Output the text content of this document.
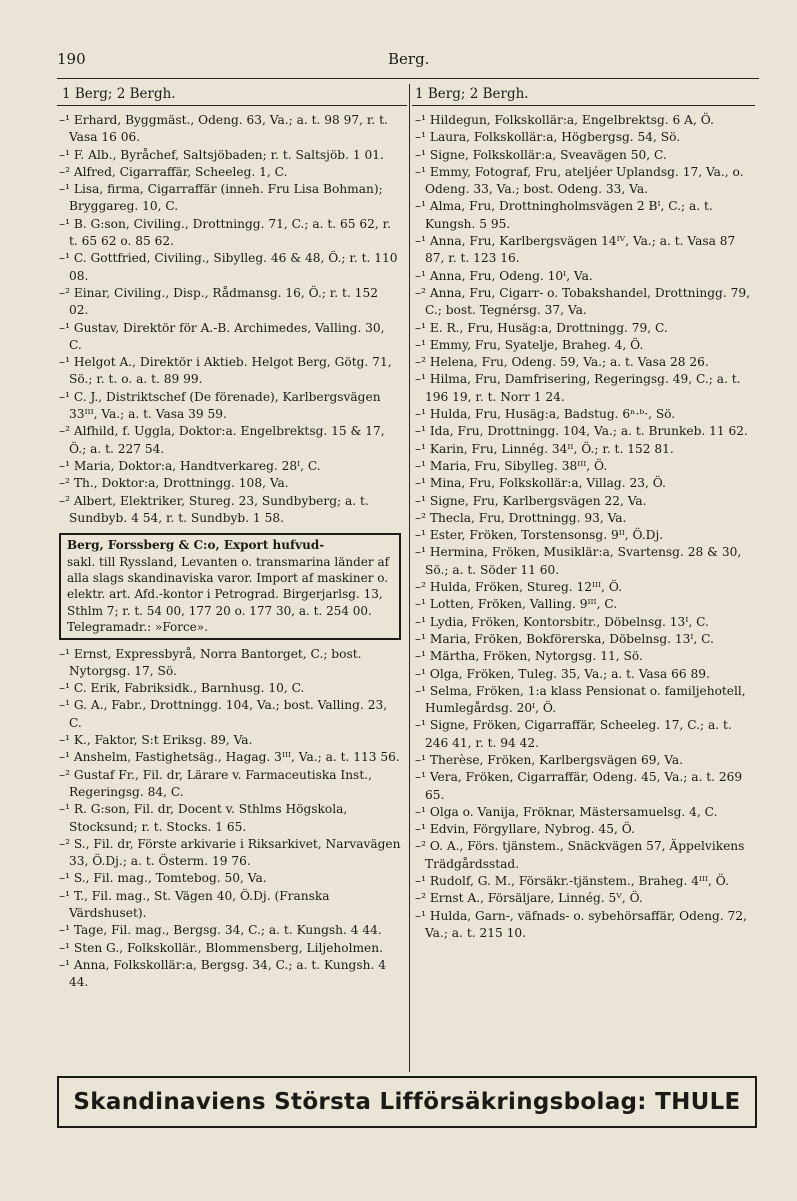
190	Berg.
1 Berg; 2 Bergh.	1 Berg; 2 Bergh.
–¹ Erhard, Byggmäst., Odeng. 63, Va.; a. t. 98 97, r. t. Vasa 16 06.
–¹ F. Alb., Byråchef, Saltsjöbaden; r. t. Saltsjöb. 1 01.
–² Alfred, Cigarraffär, Scheeleg. 1, C.
–¹ Lisa, firma, Cigarraffär (inneh. Fru Lisa Bohman); Bryggareg. 10, C.
–¹ B. G:son, Civiling., Drottningg. 71, C.; a. t. 65 62, r. t. 65 62 o. 85 62.
–¹ C. Gottfried, Civiling., Sibylleg. 46 & 48, Ö.; r. t. 110 08.
–² Einar, Civiling., Disp., Rådmansg. 16, Ö.; r. t. 152 02.
–¹ Gustav, Direktör för A.-B. Archimedes, Valling. 30, C.
–¹ Helgot A., Direktör i Aktieb. Helgot Berg, Götg. 71, Sö.; r. t. o. a. t. 89 99.
–¹ C. J., Distriktschef (De förenade), Karlbergsvägen 33ᴵᴵᴵ, Va.; a. t. Vasa 39 59.
–² Alfhild, f. Uggla, Doktor:a. Engelbrektsg. 15 & 17, Ö.; a. t. 227 54.
–¹ Maria, Doktor:a, Handtverkareg. 28ᴵ, C.
–² Th., Doktor:a, Drottningg. 108, Va.
–² Albert, Elektriker, Stureg. 23, Sundbyberg; a. t. Sundbyb. 4 54, r. t. Sundbyb. 1 58.
Berg, Forssberg & C:o, Export hufvud-
sakl. till Ryssland, Levanten o. transmarina länder af alla slags skandinaviska varor. Import af maskiner o. elektr. art. Afd.-kontor i Petrograd. Birgerjarlsg. 13, Sthlm 7; r. t. 54 00, 177 20 o. 177 30, a. t. 254 00. Telegramadr.: »Forcе».
–¹ Ernst, Expressbyrå, Norra Bantorget, C.; bost. Nytorgsg. 17, Sö.
–¹ C. Erik, Fabriksidk., Barnhusg. 10, C.
–¹ G. A., Fabr., Drottningg. 104, Va.; bost. Valling. 23, C.
–¹ K., Faktor, S:t Eriksg. 89, Va.
–¹ Anshelm, Fastighetsäg., Hagag. 3ᴵᴵᴵ, Va.; a. t. 113 56.
–² Gustaf Fr., Fil. dr, Lärare v. Farmaceutiska Inst., Regeringsg. 84, C.
–¹ R. G:son, Fil. dr, Docent v. Sthlms Högskola, Stocksund; r. t. Stocks. 1 65.
–² S., Fil. dr, Förste arkivarie i Riksarkivet, Narvavägen 33, Ö.Dj.; a. t. Österm. 19 76.
–¹ S., Fil. mag., Tomtebog. 50, Va.
–¹ T., Fil. mag., St. Vägen 40, Ö.Dj. (Franska Värdshuset).
–¹ Tage, Fil. mag., Bergsg. 34, C.; a. t. Kungsh. 4 44.
–¹ Sten G., Folkskollär., Blommensberg, Liljeholmen.
–¹ Anna, Folkskollär:a, Bergsg. 34, C.; a. t. Kungsh. 4 44.
–¹ Hildegun, Folkskollär:a, Engelbrektsg. 6 A, Ö.
–¹ Laura, Folkskollär:a, Högbergsg. 54, Sö.
–¹ Signe, Folkskollär:a, Sveavägen 50, C.
–¹ Emmy, Fotograf, Fru, ateljéer Uplandsg. 17, Va., o. Odeng. 33, Va.; bost. Odeng. 33, Va.
–¹ Alma, Fru, Drottningholmsvägen 2 Bᴵ, C.; a. t. Kungsh. 5 95.
–¹ Anna, Fru, Karlbergsvägen 14ᴵⱽ, Va.; a. t. Vasa 87 87, r. t. 123 16.
–¹ Anna, Fru, Odeng. 10ᴵ, Va.
–² Anna, Fru, Cigarr- o. Tobakshandel, Drottningg. 79, C.; bost. Tegnérsg. 37, Va.
–¹ E. R., Fru, Husäg:a, Drottningg. 79, C.
–¹ Emmy, Fru, Syatelje, Braheg. 4, Ö.
–² Helena, Fru, Odeng. 59, Va.; a. t. Vasa 28 26.
–¹ Hilma, Fru, Damfrisering, Regeringsg. 49, C.; a. t. 196 19, r. t. Norr 1 24.
–¹ Hulda, Fru, Husäg:a, Badstug. 6ⁿ·ᵇ·, Sö.
–¹ Ida, Fru, Drottningg. 104, Va.; a. t. Brunkeb. 11 62.
–¹ Karin, Fru, Linnég. 34ᴵᴵ, Ö.; r. t. 152 81.
–¹ Maria, Fru, Sibylleg. 38ᴵᴵᴵ, Ö.
–¹ Mina, Fru, Folkskollär:a, Villag. 23, Ö.
–¹ Signe, Fru, Karlbergsvägen 22, Va.
–² Thecla, Fru, Drottningg. 93, Va.
–¹ Ester, Fröken, Torstensonsg. 9ᴵᴵ, Ö.Dj.
–¹ Hermina, Fröken, Musiklär:a, Svartensg. 28 & 30, Sö.; a. t. Söder 11 60.
–² Hulda, Fröken, Stureg. 12ᴵᴵᴵ, Ö.
–¹ Lotten, Fröken, Valling. 9ᴵᴵᴵ, C.
–¹ Lydia, Fröken, Kontorsbitr., Döbelnsg. 13ᴵ, C.
–¹ Maria, Fröken, Bokförerska, Döbelnsg. 13ᴵ, C.
–¹ Märtha, Fröken, Nytorgsg. 11, Sö.
–¹ Olga, Fröken, Tuleg. 35, Va.; a. t. Vasa 66 89.
–¹ Selma, Fröken, 1:a klass Pensionat o. familjehotell, Humlegårdsg. 20ᴵ, Ö.
–¹ Signe, Fröken, Cigarraffär, Scheeleg. 17, C.; a. t. 246 41, r. t. 94 42.
–¹ Therèse, Fröken, Karlbergsvägen 69, Va.
–¹ Vera, Fröken, Cigarraffär, Odeng. 45, Va.; a. t. 269 65.
–¹ Olga o. Vanija, Fröknar, Mästersamuelsg. 4, C.
–¹ Edvin, Förgyllare, Nybrog. 45, Ö.
–² O. A., Förs. tjänstem., Snäckvägen 57, Äppelvikens Trädgårdsstad.
–¹ Rudolf, G. M., Försäkr.-tjänstem., Braheg. 4ᴵᴵᴵ, Ö.
–² Ernst A., Försäljare, Linnég. 5ⱽ, Ö.
–¹ Hulda, Garn-, väfnads- o. sybehörsaffär, Odeng. 72, Va.; a. t. 215 10.
Skandinaviens Största Lifförsäkringsbolag: THULE
